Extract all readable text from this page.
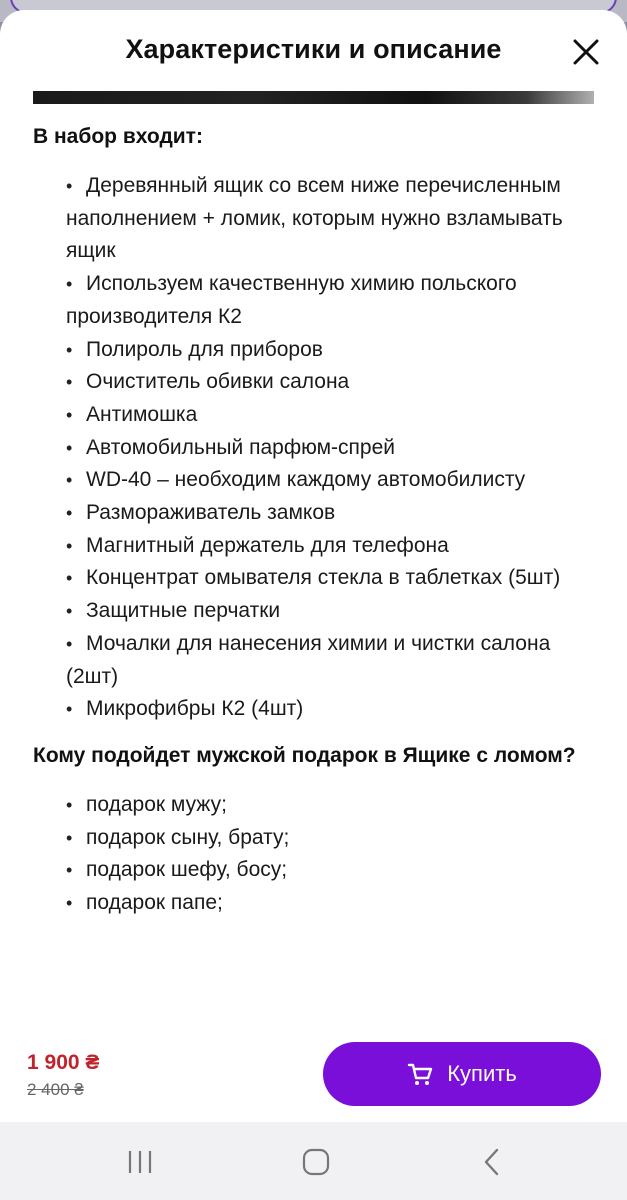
Характеристики и описание
В набор входит:
• Деревянный ящик со всем ниже перечисленным наполнением + ломик, которым нужно взламывать ящик
• Используем качественную химию польского производителя К2
• Полироль для приборов
• Очиститель обивки салона
• Антимошка
• Автомобильный парфюм-спрей
• WD-40 – необходим каждому автомобилисту
• Размораживатель замков
• Магнитный держатель для телефона
• Концентрат омывателя стекла в таблетках (5шт)
• Защитные перчатки
• Мочалки для нанесения химии и чистки салона (2шт)
• Микрофибры К2 (4шт)
Кому подойдет мужской подарок в Ящике с ломом?
• подарок мужу;
• подарок сыну, брату;
• подарок шефу, босу;
• подарок папе;
1 900 ₴
2 400 ₴
Купить
